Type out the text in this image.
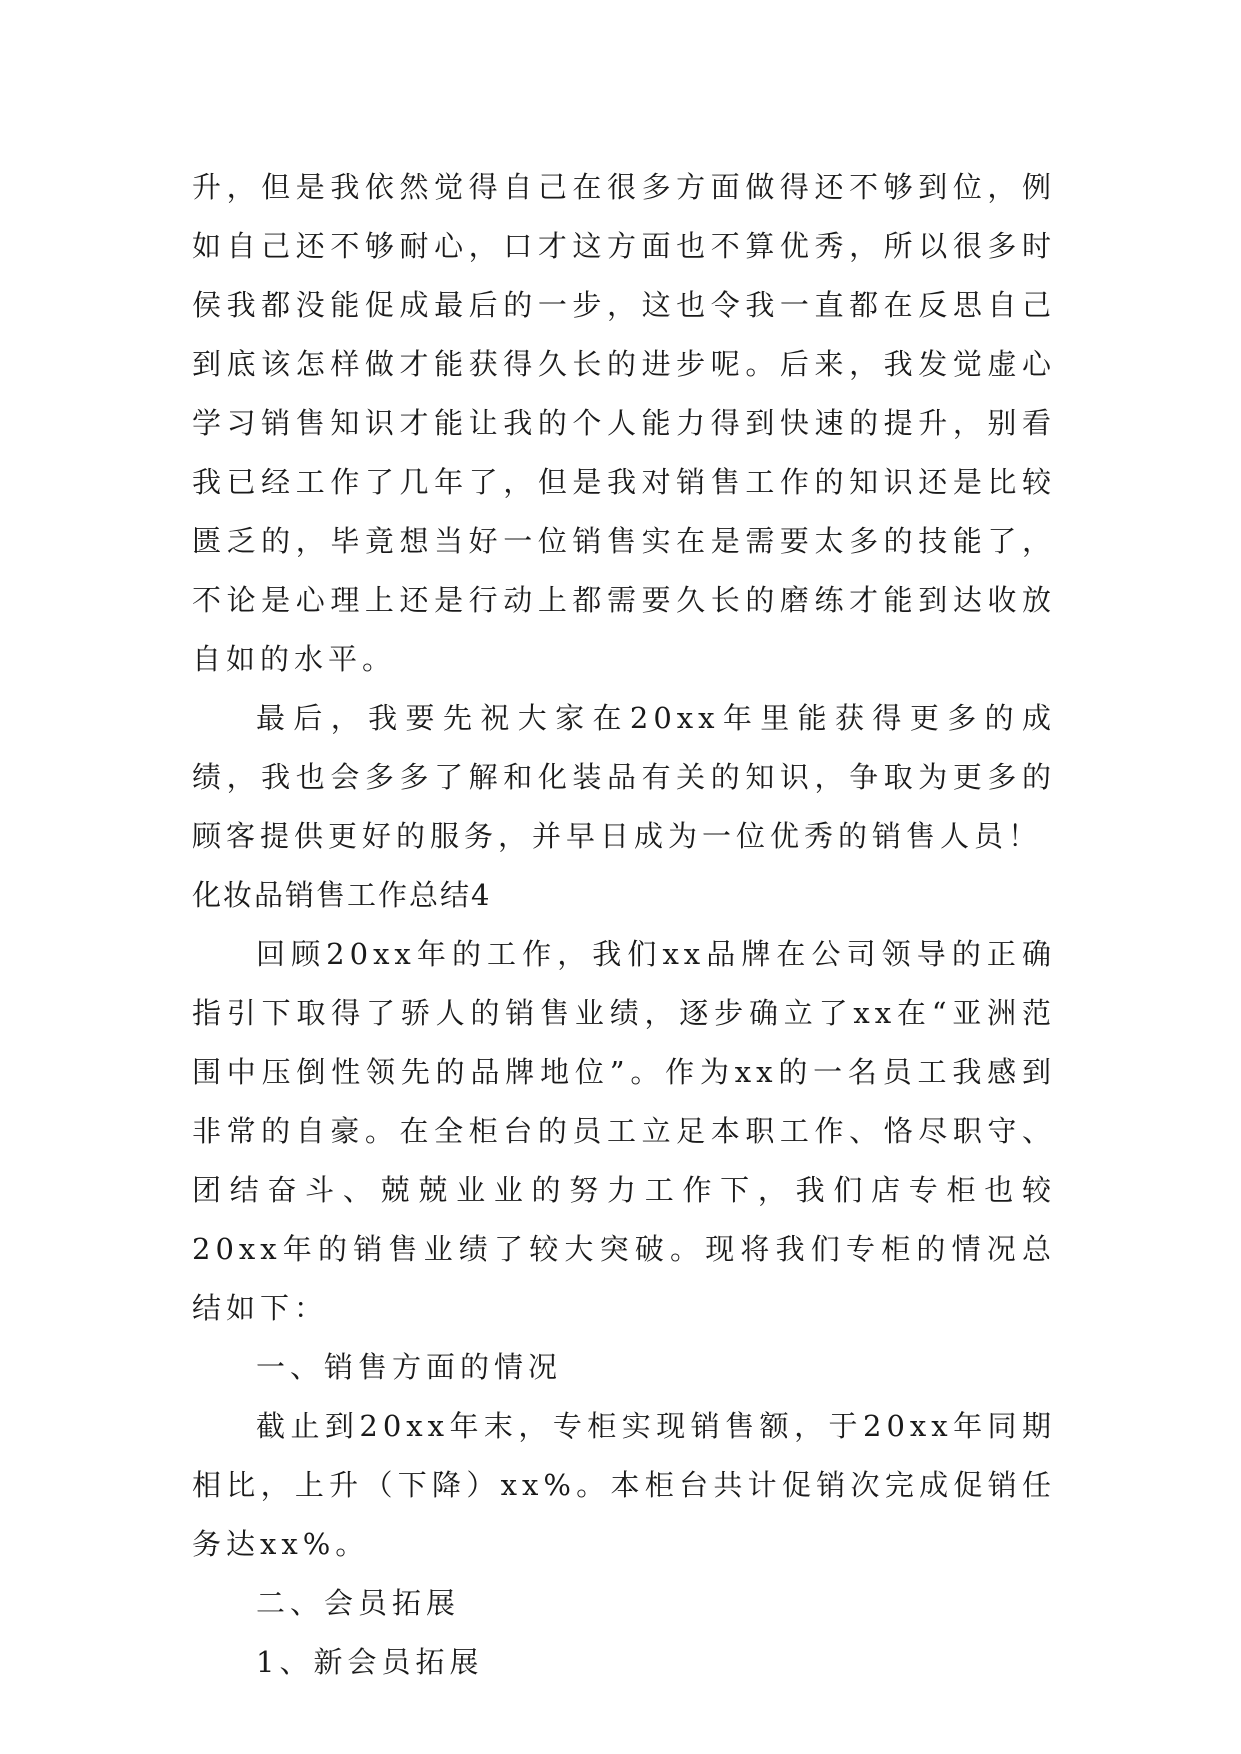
升，但是我依然觉得自己在很多方面做得还不够到位，例如自己还不够耐心，口才这方面也不算优秀，所以很多时侯我都没能促成最后的一步，这也令我一直都在反思自己到底该怎样做才能获得久长的进步呢。后来，我发觉虚心学习销售知识才能让我的个人能力得到快速的提升，别看我已经工作了几年了，但是我对销售工作的知识还是比较匮乏的，毕竟想当好一位销售实在是需要太多的技能了，不论是心理上还是行动上都需要久长的磨练才能到达收放自如的水平。

最后，我要先祝大家在20xx年里能获得更多的成绩，我也会多多了解和化装品有关的知识，争取为更多的顾客提供更好的服务，并早日成为一位优秀的销售人员！

化妆品销售工作总结4

回顾20xx年的工作，我们xx品牌在公司领导的正确指引下取得了骄人的销售业绩，逐步确立了xx在“亚洲范围中压倒性领先的品牌地位”。作为xx的一名员工我感到非常的自豪。在全柜台的员工立足本职工作、恪尽职守、团结奋斗、兢兢业业的努力工作下，我们店专柜也较20xx年的销售业绩了较大突破。现将我们专柜的情况总结如下：

一、销售方面的情况

截止到20xx年末，专柜实现销售额，于20xx年同期相比，上升（下降）xx%。本柜台共计促销次完成促销任务达xx%。

二、会员拓展

1、新会员拓展
